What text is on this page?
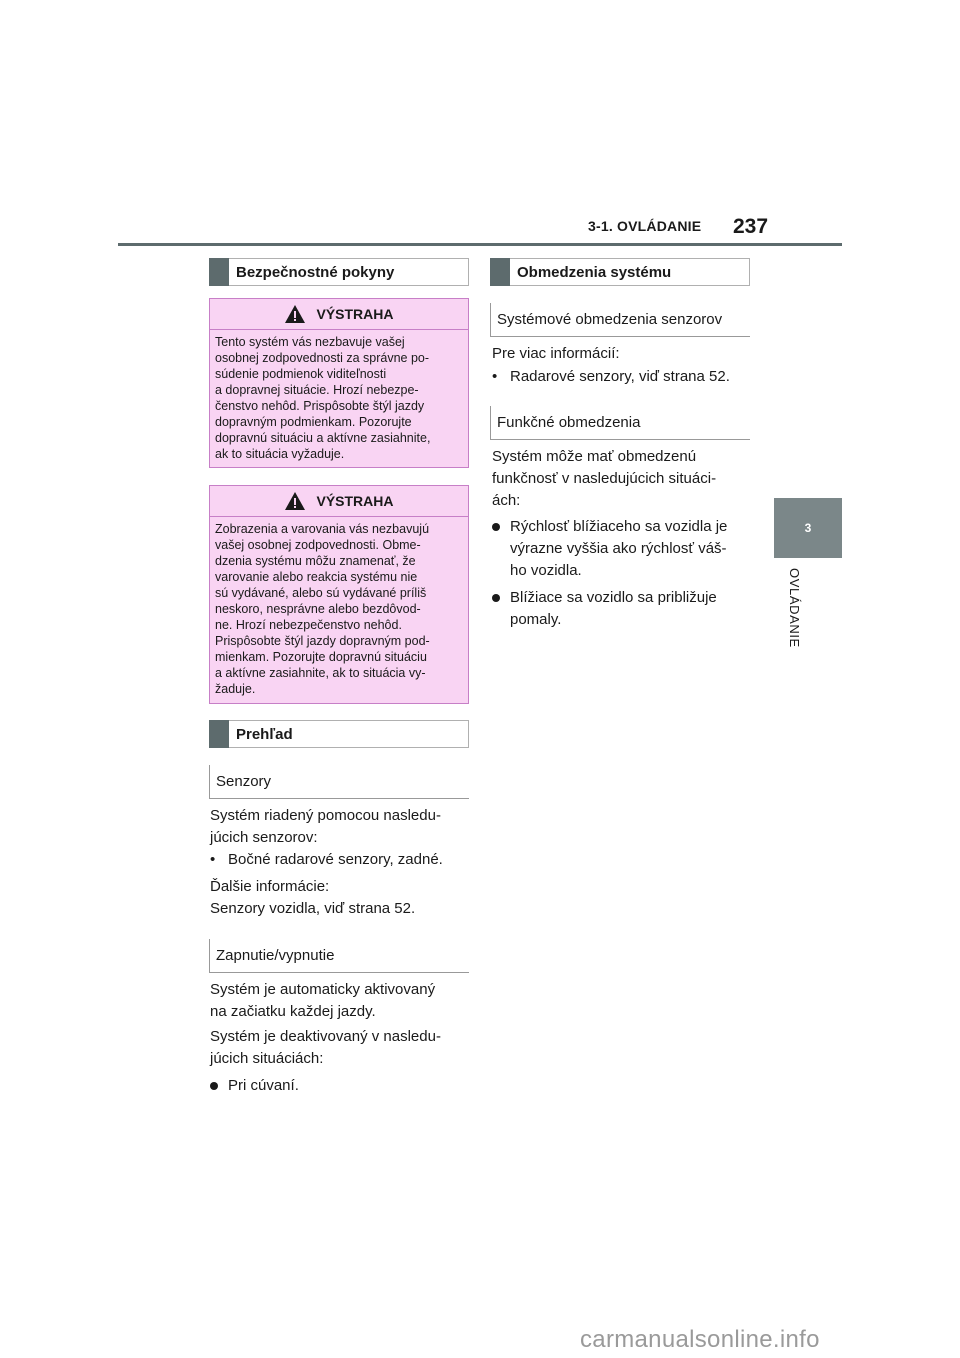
3-1. OVLÁDANIE 237
3
OVLÁDANIE
Bezpečnostné pokyny
VÝSTRAHA

Tento systém vás nezbavuje vašej

osobnej zodpovednosti za správne po-

súdenie podmienok viditeľnosti

a dopravnej situácie. Hrozí nebezpe-

čenstvo nehôd. Prispôsobte štýl jazdy

dopravným podmienkam. Pozorujte

dopravnú situáciu a aktívne zasiahnite,

ak to situácia vyžaduje.

VÝSTRAHA

Zobrazenia a varovania vás nezbavujú

vašej osobnej zodpovednosti. Obme-

dzenia systému môžu znamenať, že

varovanie alebo reakcia systému nie

sú vydávané, alebo sú vydávané príliš

neskoro, nesprávne alebo bezdôvod-

ne. Hrozí nebezpečenstvo nehôd.

Prispôsobte štýl jazdy dopravným pod-

mienkam. Pozorujte dopravnú situáciu

a aktívne zasiahnite, ak to situácia vy-

žaduje.

Prehľad
Senzory

Systém riadený pomocou nasledu-

júcich senzorov:

• Bočné radarové senzory, zadné.

Ďalšie informácie:

Senzory vozidla, viď strana 52.

Zapnutie/vypnutie

Systém je automaticky aktivovaný

na začiatku každej jazdy.

Systém je deaktivovaný v nasledu-

júcich situáciách:

Pri cúvaní.
Obmedzenia systému
Systémové obmedzenia senzorov

Pre viac informácií:

• Radarové senzory, viď strana 52.
Funkčné obmedzenia

Systém môže mať obmedzenú

funkčnosť v nasledujúcich situáci-

ách:

Rýchlosť blížiaceho sa vozidla je
výrazne vyššia ako rýchlosť váš-
ho vozidla.
Blížiace sa vozidlo sa približuje
pomaly.
carmanualsonline.info
